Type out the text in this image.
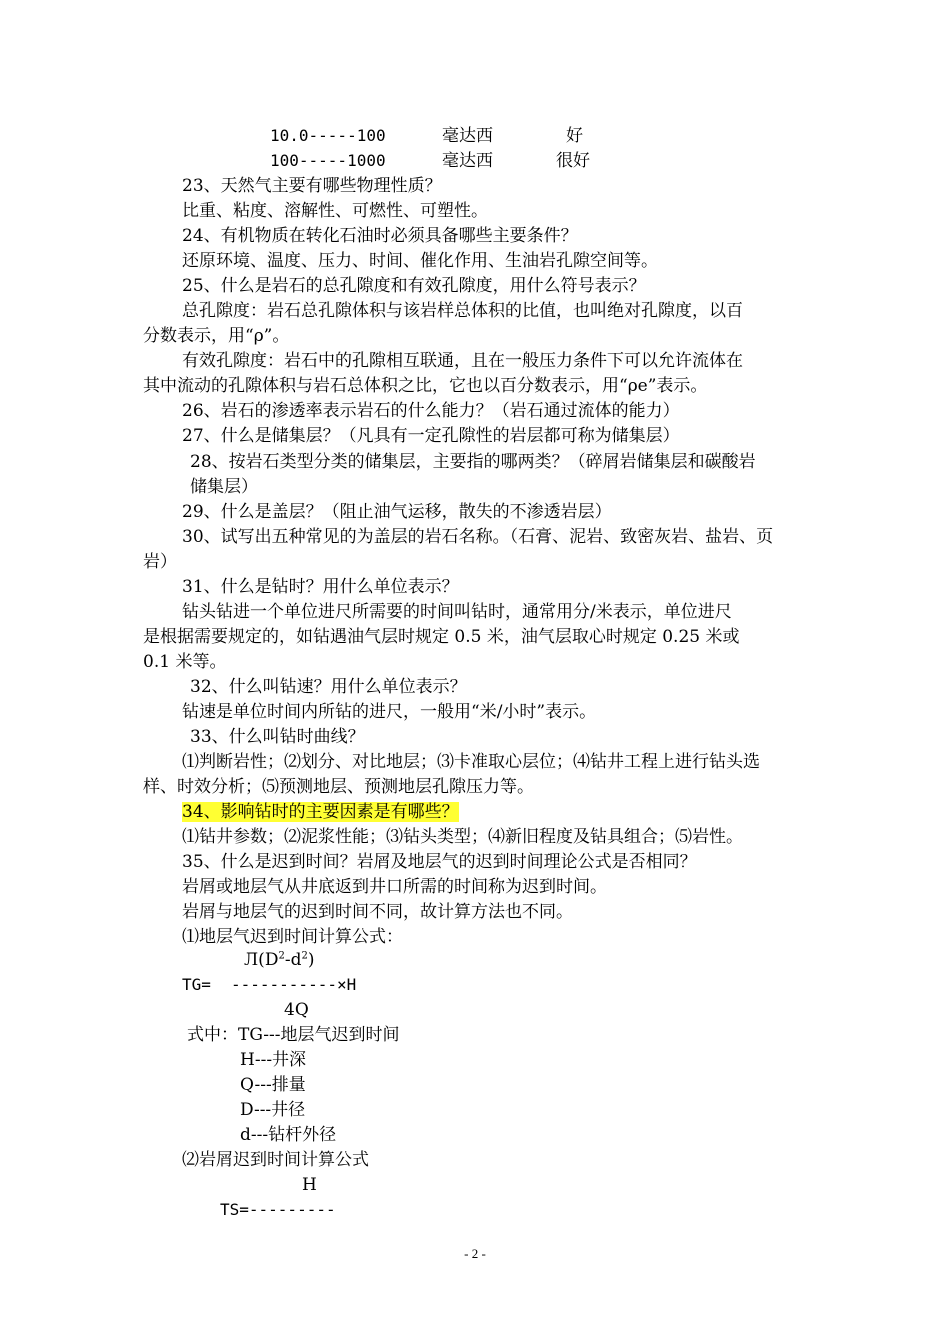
10.0-----100	毫达西	好
100-----1000	毫达西	很好
23、天然气主要有哪些物理性质？
比重、粘度、溶解性、可燃性、可塑性。
24、有机物质在转化石油时必须具备哪些主要条件？
还原环境、温度、压力、时间、催化作用、生油岩孔隙空间等。
25、什么是岩石的总孔隙度和有效孔隙度，用什么符号表示？
总孔隙度：岩石总孔隙体积与该岩样总体积的比值，也叫绝对孔隙度，以百
分数表示，用“ρ”。
有效孔隙度：岩石中的孔隙相互联通，且在一般压力条件下可以允许流体在
其中流动的孔隙体积与岩石总体积之比，它也以百分数表示，用“ρe”表示。
26、岩石的渗透率表示岩石的什么能力？（岩石通过流体的能力）
27、什么是储集层？（凡具有一定孔隙性的岩层都可称为储集层）
28、按岩石类型分类的储集层，主要指的哪两类？（碎屑岩储集层和碳酸岩
储集层）
29、什么是盖层？（阻止油气运移，散失的不渗透岩层）
30、试写出五种常见的为盖层的岩石名称。（石膏、泥岩、致密灰岩、盐岩、页
岩）
31、什么是钻时？用什么单位表示？
钻头钻进一个单位进尺所需要的时间叫钻时，通常用分/米表示，单位进尺
是根据需要规定的，如钻遇油气层时规定 0.5 米，油气层取心时规定 0.25 米或
0.1 米等。
32、什么叫钻速？用什么单位表示？
钻速是单位时间内所钻的进尺，一般用“米/小时”表示。
33、什么叫钻时曲线？
⑴判断岩性；⑵划分、对比地层；⑶卡准取心层位；⑷钻井工程上进行钻头选
样、时效分析；⑸预测地层、预测地层孔隙压力等。
34、影响钻时的主要因素是有哪些？
⑴钻井参数；⑵泥浆性能；⑶钻头类型；⑷新旧程度及钻具组合；⑸岩性。
35、什么是迟到时间？岩屑及地层气的迟到时间理论公式是否相同？
岩屑或地层气从井底返到井口所需的时间称为迟到时间。
岩屑与地层气的迟到时间不同，故计算方法也不同。
⑴地层气迟到时间计算公式：
$Л(D^2-d^2)$
TG= -----------×H
4Q
式中：TG---地层气迟到时间
H---井深
Q---排量
D---井径
d---钻杆外径
⑵岩屑迟到时间计算公式
H
TS=---------
- 2 -
